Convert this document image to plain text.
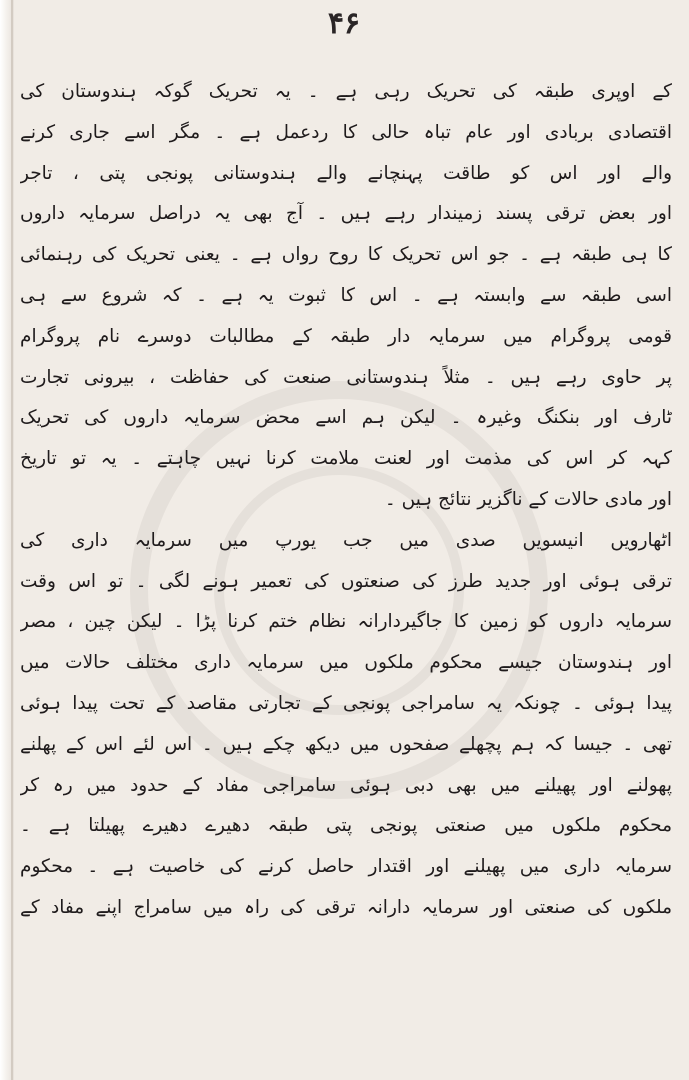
۴۶
کے اوپری طبقہ کی تحریک رہی ہے ۔ یہ تحریک گوکہ ہندوستان کی
اقتصادی بربادی اور عام تباہ حالی کا ردعمل ہے ۔ مگر اسے جاری کرنے
والے اور اس کو طاقت پہنچانے والے ہندوستانی پونجی پتی ، تاجر
اور بعض ترقی پسند زمیندار رہے ہیں ۔ آج بھی یہ دراصل سرمایہ داروں
کا ہی طبقہ ہے ۔ جو اس تحریک کا روح رواں ہے ۔ یعنی تحریک کی رہنمائی
اسی طبقہ سے وابستہ ہے ۔ اس کا ثبوت یہ ہے ۔ کہ شروع سے ہی
قومی پروگرام میں سرمایہ دار طبقہ کے مطالبات دوسرے نام پروگرام
پر حاوی رہے ہیں ۔ مثلاً ہندوستانی صنعت کی حفاظت ، بیرونی تجارت
ٹارف اور بنکنگ وغیرہ ۔ لیکن ہم اسے محض سرمایہ داروں کی تحریک
کہہ کر اس کی مذمت اور لعنت ملامت کرنا نہیں چاہتے ۔ یہ تو تاریخ
اور مادی حالات کے ناگزیر نتائج ہیں ۔
اٹھارویں انیسویں صدی میں جب یورپ میں سرمایہ داری کی
ترقی ہوئی اور جدید طرز کی صنعتوں کی تعمیر ہونے لگی ۔ تو اس وقت
سرمایہ داروں کو زمین کا جاگیردارانہ نظام ختم کرنا پڑا ۔ لیکن چین ، مصر
اور ہندوستان جیسے محکوم ملکوں میں سرمایہ داری مختلف حالات میں
پیدا ہوئی ۔ چونکہ یہ سامراجی پونجی کے تجارتی مقاصد کے تحت پیدا ہوئی
تھی ۔ جیسا کہ ہم پچھلے صفحوں میں دیکھ چکے ہیں ۔ اس لئے اس کے پھلنے
پھولنے اور پھیلنے میں بھی دبی ہوئی سامراجی مفاد کے حدود میں رہ کر
محکوم ملکوں میں صنعتی پونجی پتی طبقہ دھیرے دھیرے پھیلتا ہے ۔
سرمایہ داری میں پھیلنے اور اقتدار حاصل کرنے کی خاصیت ہے ۔ محکوم
ملکوں کی صنعتی اور سرمایہ دارانہ ترقی کی راہ میں سامراج اپنے مفاد کے
